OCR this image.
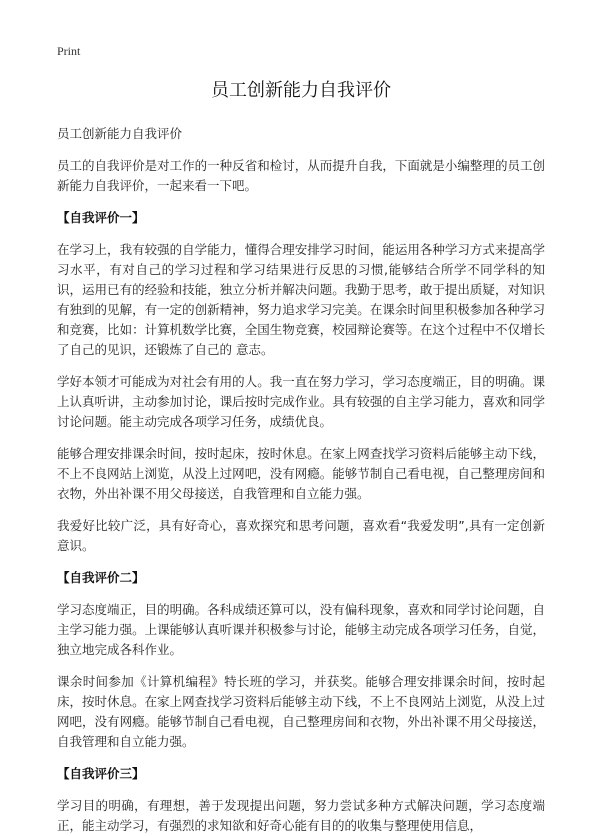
Print
员工创新能力自我评价

员工创新能力自我评价

员工的自我评价是对工作的一种反省和检讨，从而提升自我，下面就是小编整理的员工创新能力自我评价，一起来看一下吧。

【自我评价一】

在学习上，我有较强的自学能力，懂得合理安排学习时间，能运用各种学习方式来提高学习水平，有对自己的学习过程和学习结果进行反思的习惯,能够结合所学不同学科的知识，运用已有的经验和技能，独立分析并解决问题。我勤于思考，敢于提出质疑，对知识有独到的见解，有一定的创新精神，努力追求学习完美。在课余时间里积极参加各种学习和竞赛，比如：计算机数学比赛，全国生物竞赛，校园辩论赛等。在这个过程中不仅增长了自己的见识，还锻炼了自己的 意志。

学好本领才可能成为对社会有用的人。我一直在努力学习，学习态度端正，目的明确。课上认真听讲，主动参加讨论，课后按时完成作业。具有较强的自主学习能力，喜欢和同学讨论问题。能主动完成各项学习任务，成绩优良。

能够合理安排课余时间，按时起床，按时休息。在家上网查找学习资料后能够主动下线，不上不良网站上浏览，从没上过网吧，没有网瘾。能够节制自己看电视，自己整理房间和衣物，外出补课不用父母接送，自我管理和自立能力强。

我爱好比较广泛，具有好奇心，喜欢探究和思考问题，喜欢看“我爱发明”,具有一定创新意识。

【自我评价二】

学习态度端正，目的明确。各科成绩还算可以，没有偏科现象，喜欢和同学讨论问题，自主学习能力强。上课能够认真听课并积极参与讨论，能够主动完成各项学习任务，自觉，独立地完成各科作业。

课余时间参加《计算机编程》特长班的学习，并获奖。能够合理安排课余时间，按时起床，按时休息。在家上网查找学习资料后能够主动下线，不上不良网站上浏览，从没上过网吧，没有网瘾。能够节制自己看电视，自己整理房间和衣物，外出补课不用父母接送，自我管理和自立能力强。

【自我评价三】

学习目的明确，有理想，善于发现提出问题，努力尝试多种方式解决问题，学习态度端正，能主动学习，有强烈的求知欲和好奇心能有目的的收集与整理使用信息，
